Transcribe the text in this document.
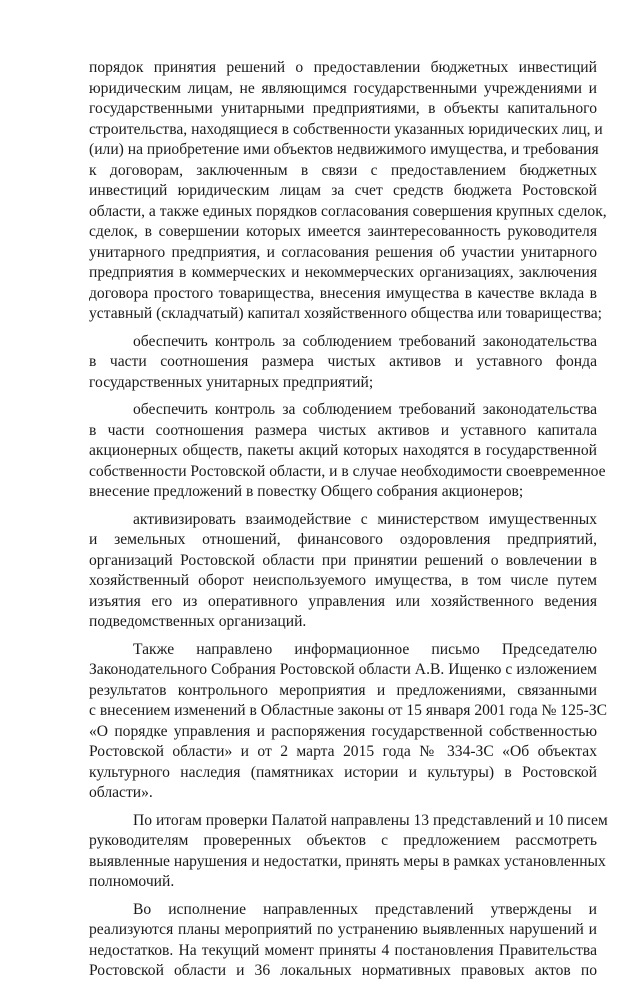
порядок принятия решений о предоставлении бюджетных инвестиций
юридическим лицам, не являющимся государственными учреждениями и
государственными унитарными предприятиями, в объекты капитального
строительства, находящиеся в собственности указанных юридических лиц, и
(или) на приобретение ими объектов недвижимого имущества, и требования
к договорам, заключенным в связи с предоставлением бюджетных
инвестиций юридическим лицам за счет средств бюджета Ростовской
области, а также единых порядков согласования совершения крупных сделок,
сделок, в совершении которых имеется заинтересованность руководителя
унитарного предприятия, и согласования решения об участии унитарного
предприятия в коммерческих и некоммерческих организациях, заключения
договора простого товарищества, внесения имущества в качестве вклада в
уставный (складчатый) капитал хозяйственного общества или товарищества;
обеспечить контроль за соблюдением требований законодательства
в части соотношения размера чистых активов и уставного фонда
государственных унитарных предприятий;
обеспечить контроль за соблюдением требований законодательства
в части соотношения размера чистых активов и уставного капитала
акционерных обществ, пакеты акций которых находятся в государственной
собственности Ростовской области, и в случае необходимости своевременное
внесение предложений в повестку Общего собрания акционеров;
активизировать взаимодействие с министерством имущественных
и земельных отношений, финансового оздоровления предприятий,
организаций Ростовской области при принятии решений о вовлечении в
хозяйственный оборот неиспользуемого имущества, в том числе путем
изъятия его из оперативного управления или хозяйственного ведения
подведомственных организаций.
Также направлено информационное письмо Председателю
Законодательного Собрания Ростовской области А.В. Ищенко с изложением
результатов контрольного мероприятия и предложениями, связанными
с внесением изменений в Областные законы от 15 января 2001 года № 125-ЗС
«О порядке управления и распоряжения государственной собственностью
Ростовской области» и от 2 марта 2015 года № 334-ЗС «Об объектах
культурного наследия (памятниках истории и культуры) в Ростовской
области».
По итогам проверки Палатой направлены 13 представлений и 10 писем
руководителям проверенных объектов с предложением рассмотреть
выявленные нарушения и недостатки, принять меры в рамках установленных
полномочий.
Во исполнение направленных представлений утверждены и
реализуются планы мероприятий по устранению выявленных нарушений и
недостатков. На текущий момент приняты 4 постановления Правительства
Ростовской области и 36 локальных нормативных правовых актов по
